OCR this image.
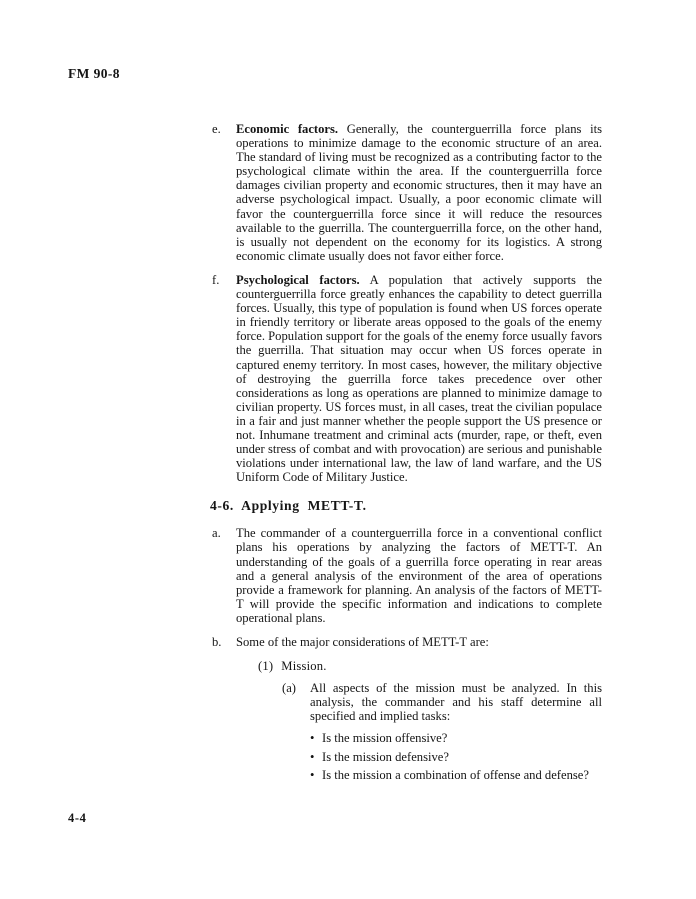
FM 90-8

e. Economic factors. Generally, the counterguerrilla force plans its operations to minimize damage to the economic structure of an area. The standard of living must be recognized as a contributing factor to the psychological climate within the area. If the counterguerrilla force damages civilian property and economic structures, then it may have an adverse psychological impact. Usually, a poor economic climate will favor the counterguerrilla force since it will reduce the resources available to the guerrilla. The counterguerrilla force, on the other hand, is usually not dependent on the economy for its logistics. A strong economic climate usually does not favor either force.

f. Psychological factors. A population that actively supports the counterguerrilla force greatly enhances the capability to detect guerrilla forces. Usually, this type of population is found when US forces operate in friendly territory or liberate areas opposed to the goals of the enemy force. Population support for the goals of the enemy force usually favors the guerrilla. That situation may occur when US forces operate in captured enemy territory. In most cases, however, the military objective of destroying the guerrilla force takes precedence over other considerations as long as operations are planned to minimize damage to civilian property. US forces must, in all cases, treat the civilian populace in a fair and just manner whether the people support the US presence or not. Inhumane treatment and criminal acts (murder, rape, or theft, even under stress of combat and with provocation) are serious and punishable violations under international law, the law of land warfare, and the US Uniform Code of Military Justice.

4-6. Applying METT-T.

a. The commander of a counterguerrilla force in a conventional conflict plans his operations by analyzing the factors of METT-T. An understanding of the goals of a guerrilla force operating in rear areas and a general analysis of the environment of the area of operations provide a framework for planning. An analysis of the factors of METT-T will provide the specific information and indications to complete operational plans.

b. Some of the major considerations of METT-T are:

(1) Mission.

(a) All aspects of the mission must be analyzed. In this analysis, the commander and his staff determine all specified and implied tasks:

• Is the mission offensive?
• Is the mission defensive?
• Is the mission a combination of offense and defense?
4-4
